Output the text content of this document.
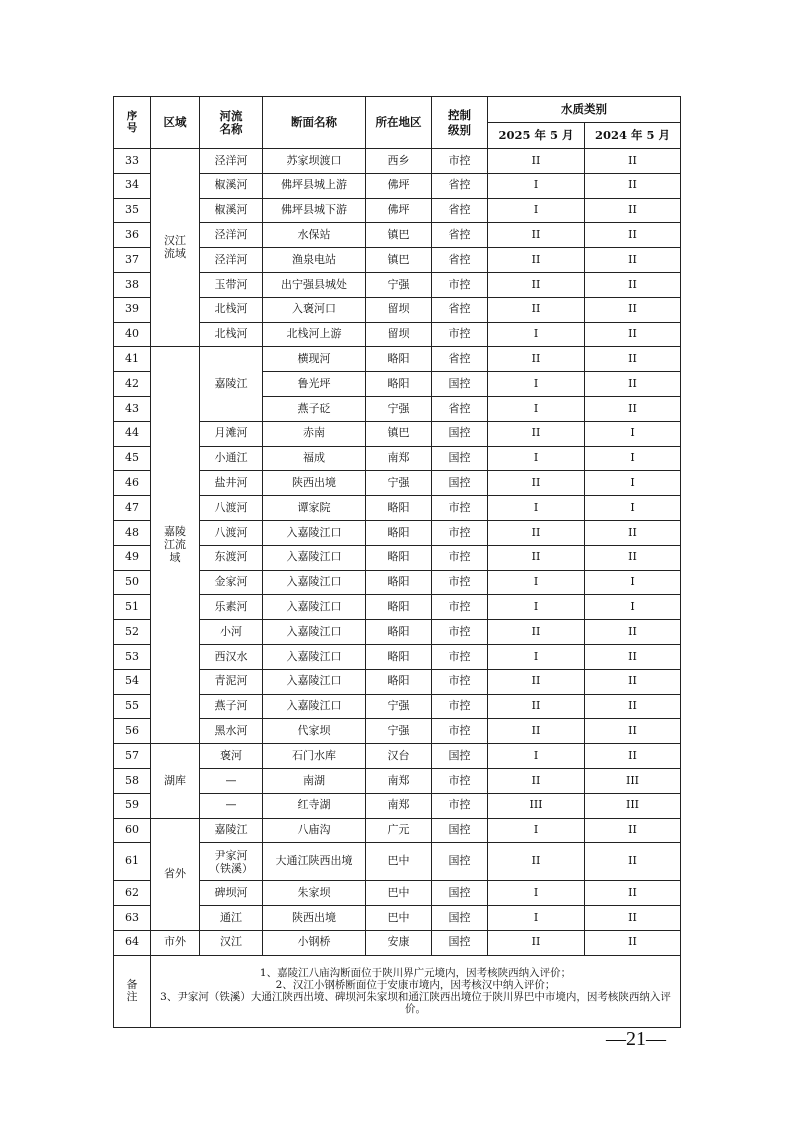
序号	区域	河流名称	断面名称	所在地区	控制级别	水质类别	
						2025 年 5 月	2024 年 5 月
33	汉江流域	泾洋河	苏家坝渡口	西乡	市控	II	II
34		椒溪河	佛坪县城上游	佛坪	省控	I	II
35		椒溪河	佛坪县城下游	佛坪	省控	I	II
36		泾洋河	水保站	镇巴	省控	II	II
37		泾洋河	渔泉电站	镇巴	省控	II	II
38		玉带河	出宁强县城处	宁强	市控	II	II
39		北栈河	入褒河口	留坝	省控	II	II
40		北栈河	北栈河上游	留坝	市控	I	II
41	嘉陵江流域	嘉陵江	横现河	略阳	省控	II	II
42			鲁光坪	略阳	国控	I	II
43			燕子砭	宁强	省控	I	II
44		月滩河	赤南	镇巴	国控	II	I
45		小通江	福成	南郑	国控	I	I
46		盐井河	陕西出境	宁强	国控	II	I
47		八渡河	谭家院	略阳	市控	I	I
48		八渡河	入嘉陵江口	略阳	市控	II	II
49		东渡河	入嘉陵江口	略阳	市控	II	II
50		金家河	入嘉陵江口	略阳	市控	I	I
51		乐素河	入嘉陵江口	略阳	市控	I	I
52		小河	入嘉陵江口	略阳	市控	II	II
53		西汉水	入嘉陵江口	略阳	市控	I	II
54		青泥河	入嘉陵江口	略阳	市控	II	II
55		燕子河	入嘉陵江口	宁强	市控	II	II
56		黑水河	代家坝	宁强	市控	II	II
57	湖库	褒河	石门水库	汉台	国控	I	II
58		—	南湖	南郑	市控	II	III
59		—	红寺湖	南郑	市控	III	III
60	省外	嘉陵江	八庙沟	广元	国控	I	II
61		尹家河（铁溪）	大通江陕西出境	巴中	国控	II	II
62		碑坝河	朱家坝	巴中	国控	I	II
63		通江	陕西出境	巴中	国控	I	II
64	市外	汉江	小钢桥	安康	国控	II	II
备注	1、嘉陵江八庙沟断面位于陕川界广元境内，因考核陕西纳入评价；
2、汉江小钢桥断面位于安康市境内，因考核汉中纳入评价；
3、尹家河（铁溪）大通江陕西出境、碑坝河朱家坝和通江陕西出境位于陕川界巴中市境内，因考核陕西纳入评价。						
—21—
